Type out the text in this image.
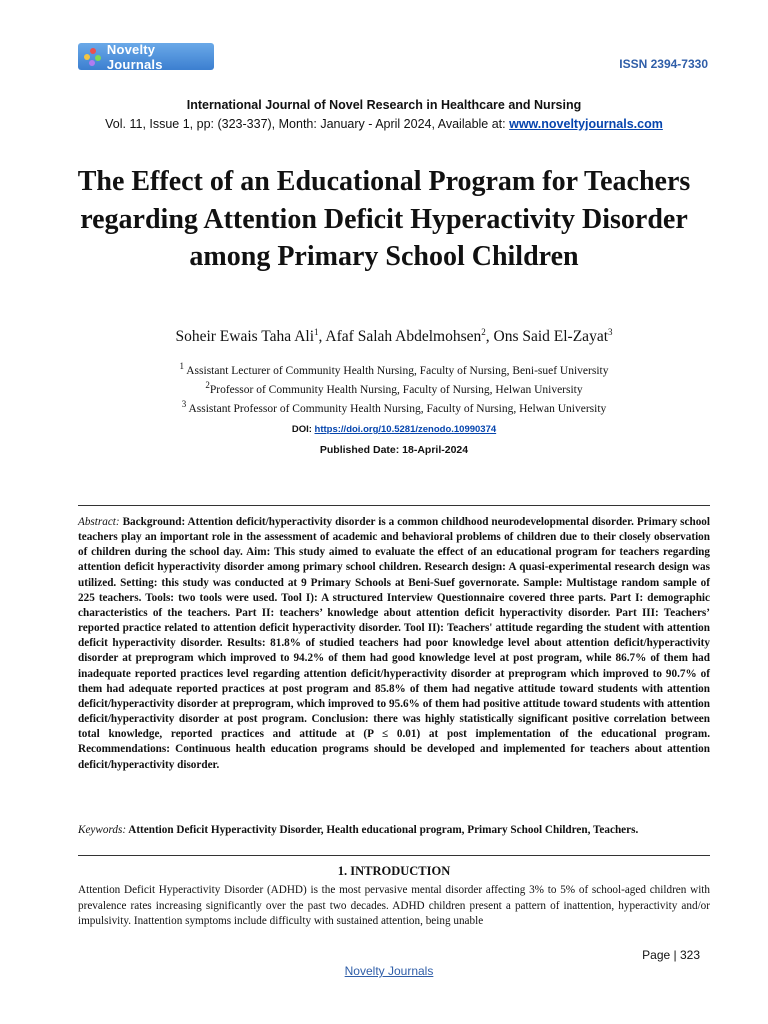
Novelty Journals	ISSN 2394-7330
International Journal of Novel Research in Healthcare and Nursing
Vol. 11, Issue 1, pp: (323-337), Month: January - April 2024, Available at: www.noveltyjournals.com
The Effect of an Educational Program for Teachers regarding Attention Deficit Hyperactivity Disorder among Primary School Children
Soheir Ewais Taha Ali$^1$, Afaf Salah Abdelmohsen$^2$, Ons Said El-Zayat$^3$
$^1$ Assistant Lecturer of Community Health Nursing, Faculty of Nursing, Beni-suef University
$^2$Professor of Community Health Nursing, Faculty of Nursing, Helwan University
$^3$ Assistant Professor of Community Health Nursing, Faculty of Nursing, Helwan University
DOI: https://doi.org/10.5281/zenodo.10990374
Published Date: 18-April-2024

Abstract: Background: Attention deficit/hyperactivity disorder is a common childhood neurodevelopmental disorder. Primary school teachers play an important role in the assessment of academic and behavioral problems of children due to their closely observation of children during the school day. Aim: This study aimed to evaluate the effect of an educational program for teachers regarding attention deficit hyperactivity disorder among primary school children. Research design: A quasi-experimental research design was utilized. Setting: this study was conducted at 9 Primary Schools at Beni-Suef governorate. Sample: Multistage random sample of 225 teachers. Tools: two tools were used. Tool I): A structured Interview Questionnaire covered three parts. Part I: demographic characteristics of the teachers. Part II: teachers’ knowledge about attention deficit hyperactivity disorder. Part III: Teachers’ reported practice related to attention deficit hyperactivity disorder. Tool II): Teachers' attitude regarding the student with attention deficit hyperactivity disorder. Results: 81.8% of studied teachers had poor knowledge level about attention deficit/hyperactivity disorder at preprogram which improved to 94.2% of them had good knowledge level at post program, while 86.7% of them had inadequate reported practices level regarding attention deficit/hyperactivity disorder at preprogram which improved to 90.7% of them had adequate reported practices at post program and 85.8% of them had negative attitude toward students with attention deficit/hyperactivity disorder at preprogram, which improved to 95.6% of them had positive attitude toward students with attention deficit/hyperactivity disorder at post program. Conclusion: there was highly statistically significant positive correlation between total knowledge, reported practices and attitude at (P ≤ 0.01) at post implementation of the educational program. Recommendations: Continuous health education programs should be developed and implemented for teachers about attention deficit/hyperactivity disorder.

Keywords: Attention Deficit Hyperactivity Disorder, Health educational program, Primary School Children, Teachers.

1. INTRODUCTION

Attention Deficit Hyperactivity Disorder (ADHD) is the most pervasive mental disorder affecting 3% to 5% of school-aged children with prevalence rates increasing significantly over the past two decades. ADHD children present a pattern of inattention, hyperactivity and/or impulsivity. Inattention symptoms include difficulty with sustained attention, being unable

Page | 323
Novelty Journals
